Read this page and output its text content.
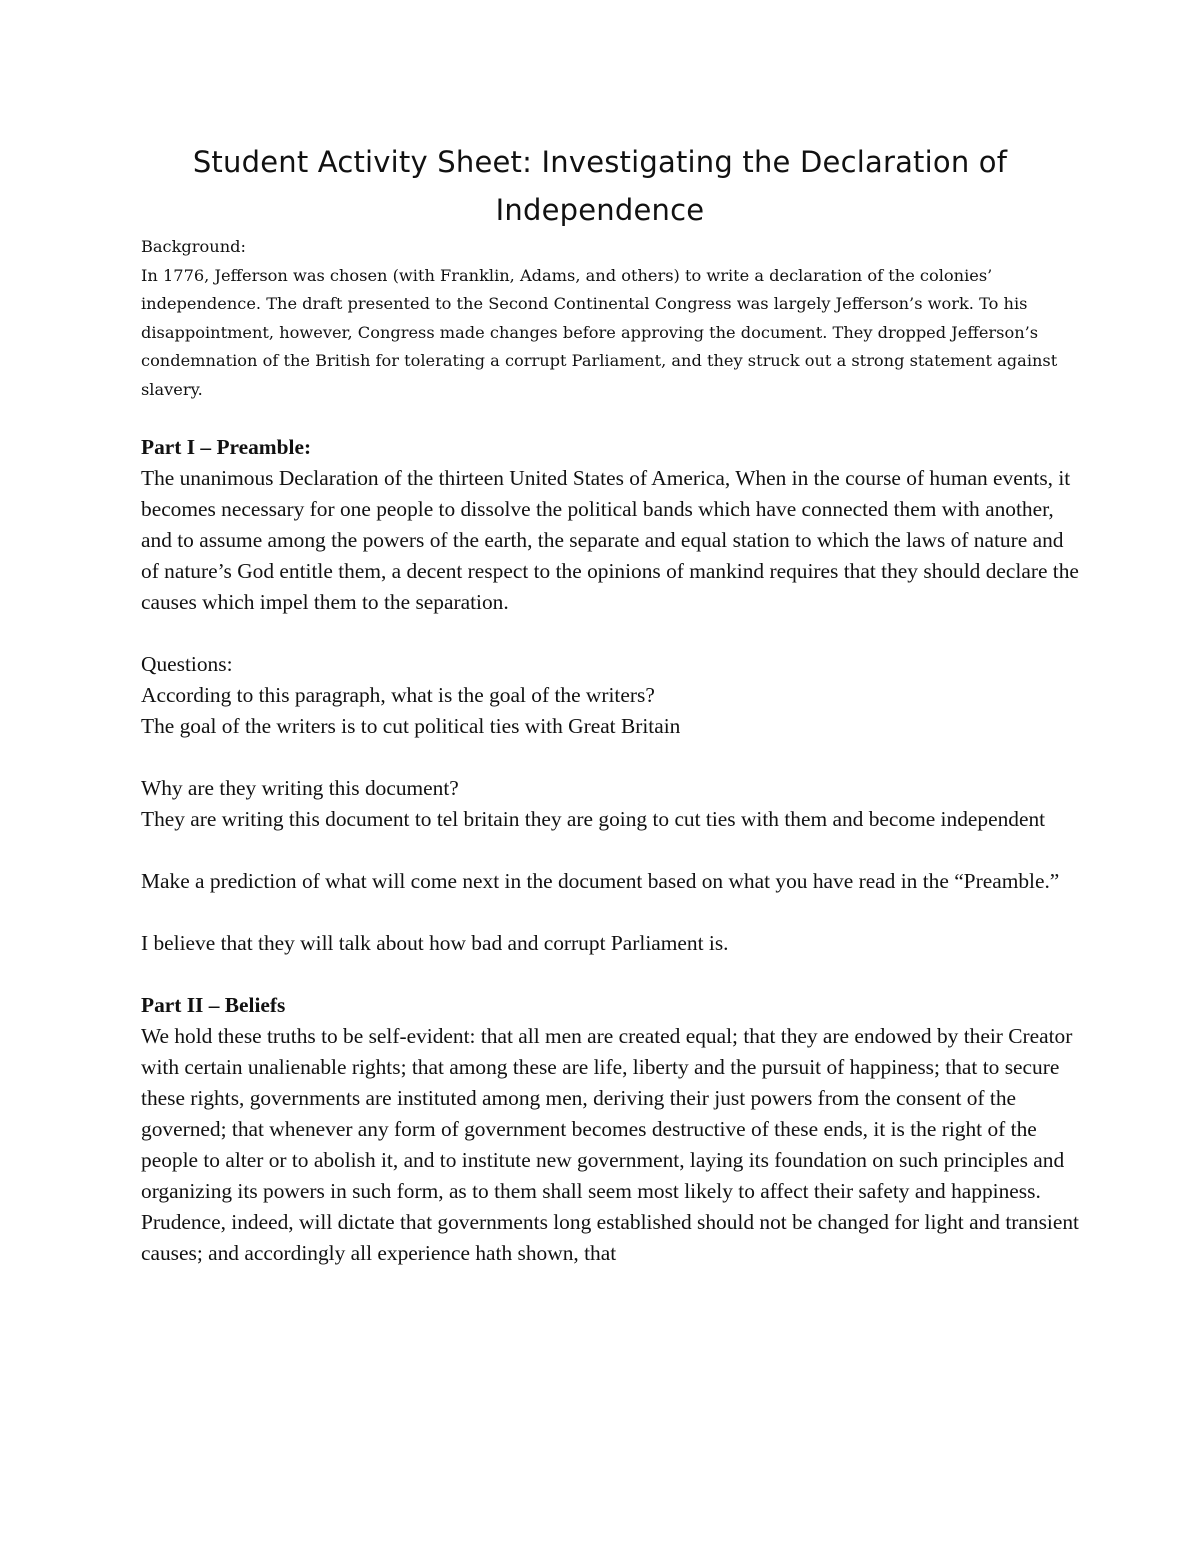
Student Activity Sheet: Investigating the Declaration of Independence
Background:
In 1776, Jefferson was chosen (with Franklin, Adams, and others) to write a declaration of the colonies’ independence. The draft presented to the Second Continental Congress was largely Jefferson’s work. To his disappointment, however, Congress made changes before approving the document. They dropped Jefferson’s condemnation of the British for tolerating a corrupt Parliament, and they struck out a strong statement against slavery.

Part I – Preamble:

The unanimous Declaration of the thirteen United States of America, When in the course of human events, it becomes necessary for one people to dissolve the political bands which have connected them with another, and to assume among the powers of the earth, the separate and equal station to which the laws of nature and of nature’s God entitle them, a decent respect to the opinions of mankind requires that they should declare the causes which impel them to the separation.

Questions:

According to this paragraph, what is the goal of the writers?

The goal of the writers is to cut political ties with Great Britain

Why are they writing this document?

They are writing this document to tel britain they are going to cut ties with them and become independent

Make a prediction of what will come next in the document based on what you have read in the “Preamble.”

I believe that they will talk about how bad and corrupt Parliament is.

Part II – Beliefs

We hold these truths to be self-evident: that all men are created equal; that they are endowed by their Creator with certain unalienable rights; that among these are life, liberty and the pursuit of happiness; that to secure these rights, governments are instituted among men, deriving their just powers from the consent of the governed; that whenever any form of government becomes destructive of these ends, it is the right of the people to alter or to abolish it, and to institute new government, laying its foundation on such principles and organizing its powers in such form, as to them shall seem most likely to affect their safety and happiness. Prudence, indeed, will dictate that governments long established should not be changed for light and transient causes; and accordingly all experience hath shown, that
